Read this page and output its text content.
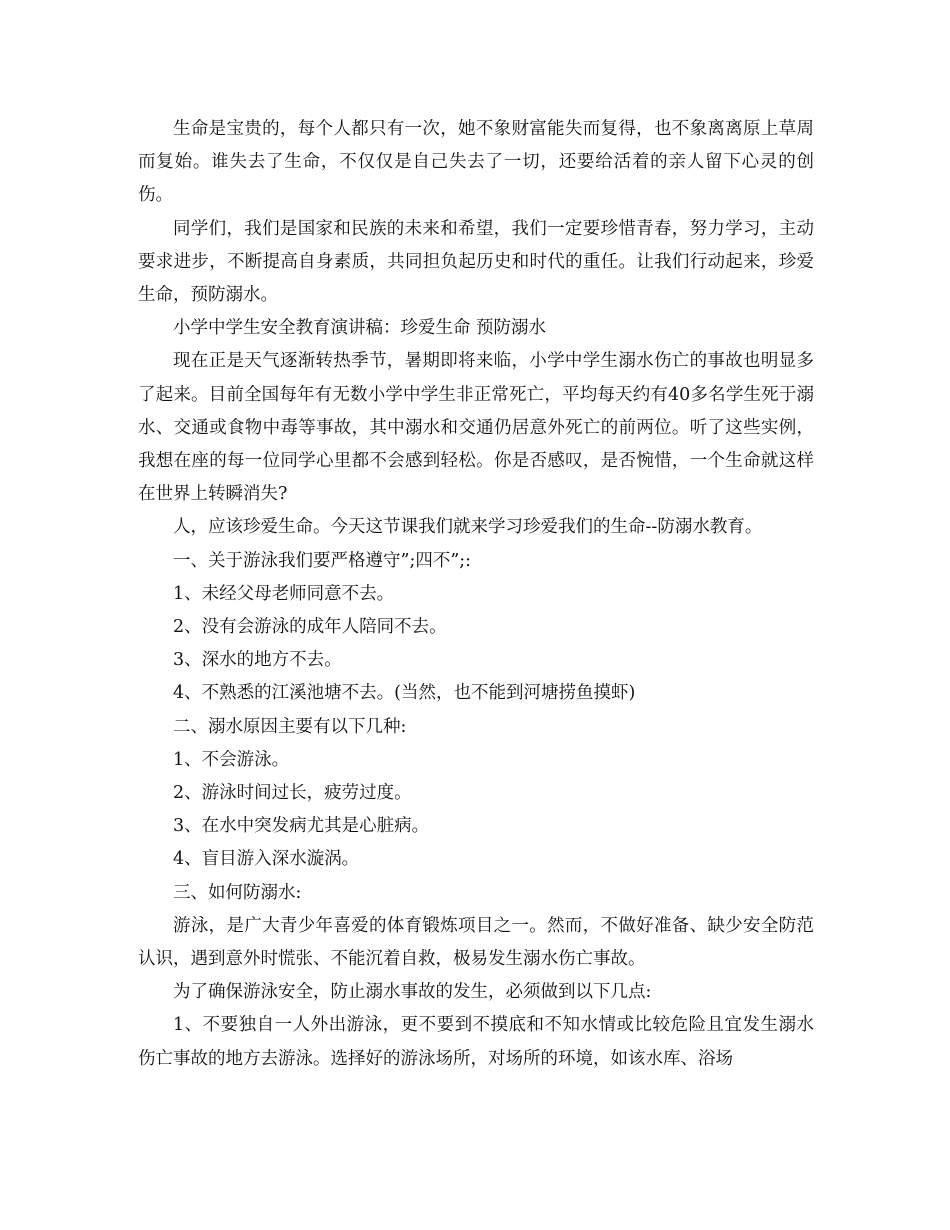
生命是宝贵的，每个人都只有一次，她不象财富能失而复得，也不象离离原上草周而复始。谁失去了生命，不仅仅是自己失去了一切，还要给活着的亲人留下心灵的创伤。

同学们，我们是国家和民族的未来和希望，我们一定要珍惜青春，努力学习，主动要求进步，不断提高自身素质，共同担负起历史和时代的重任。让我们行动起来，珍爱生命，预防溺水。

小学中学生安全教育演讲稿：珍爱生命 预防溺水

现在正是天气逐渐转热季节，暑期即将来临，小学中学生溺水伤亡的事故也明显多了起来。目前全国每年有无数小学中学生非正常死亡，平均每天约有40多名学生死于溺水、交通或食物中毒等事故，其中溺水和交通仍居意外死亡的前两位。听了这些实例，我想在座的每一位同学心里都不会感到轻松。你是否感叹，是否惋惜，一个生命就这样在世界上转瞬消失?

人，应该珍爱生命。今天这节课我们就来学习珍爱我们的生命--防溺水教育。

一、关于游泳我们要严格遵守”;四不”;:

1、未经父母老师同意不去。

2、没有会游泳的成年人陪同不去。

3、深水的地方不去。

4、不熟悉的江溪池塘不去。(当然，也不能到河塘捞鱼摸虾)

二、溺水原因主要有以下几种:

1、不会游泳。

2、游泳时间过长，疲劳过度。

3、在水中突发病尤其是心脏病。

4、盲目游入深水漩涡。

三、如何防溺水:

游泳，是广大青少年喜爱的体育锻炼项目之一。然而，不做好准备、缺少安全防范认识，遇到意外时慌张、不能沉着自救，极易发生溺水伤亡事故。

为了确保游泳安全，防止溺水事故的发生，必须做到以下几点:

1、不要独自一人外出游泳，更不要到不摸底和不知水情或比较危险且宜发生溺水伤亡事故的地方去游泳。选择好的游泳场所，对场所的环境，如该水库、浴场
